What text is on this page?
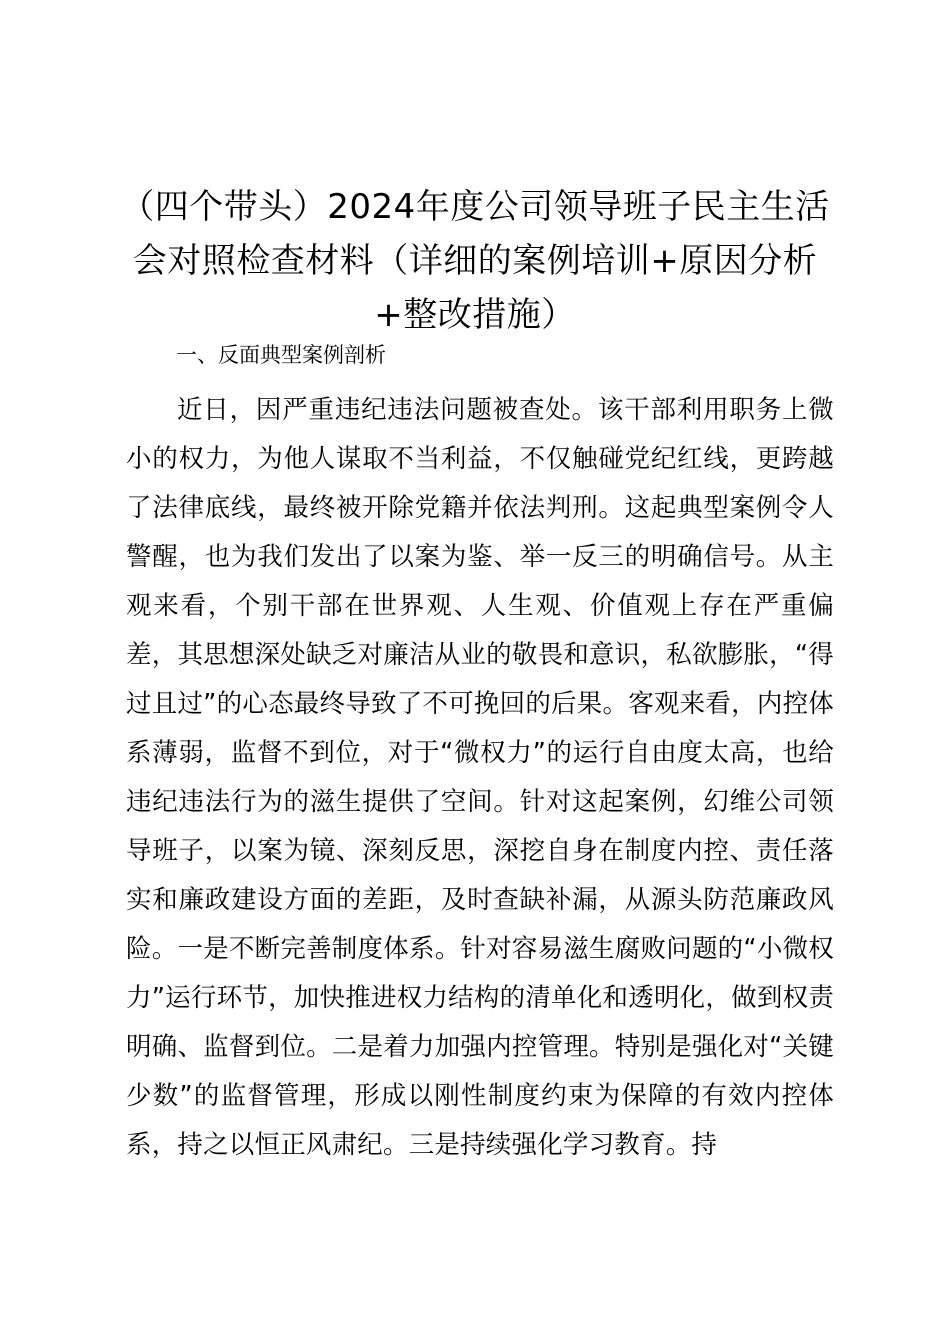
（四个带头）2024年度公司领导班子民主生活会对照检查材料（详细的案例培训+原因分析+整改措施）
一、反面典型案例剖析

近日，因严重违纪违法问题被查处。该干部利用职务上微小的权力，为他人谋取不当利益，不仅触碰党纪红线，更跨越了法律底线，最终被开除党籍并依法判刑。这起典型案例令人警醒，也为我们发出了以案为鉴、举一反三的明确信号。从主观来看，个别干部在世界观、人生观、价值观上存在严重偏差，其思想深处缺乏对廉洁从业的敬畏和意识，私欲膨胀，“得过且过”的心态最终导致了不可挽回的后果。客观来看，内控体系薄弱，监督不到位，对于“微权力”的运行自由度太高，也给违纪违法行为的滋生提供了空间。针对这起案例，幻维公司领导班子，以案为镜、深刻反思，深挖自身在制度内控、责任落实和廉政建设方面的差距，及时查缺补漏，从源头防范廉政风险。一是不断完善制度体系。针对容易滋生腐败问题的“小微权力”运行环节，加快推进权力结构的清单化和透明化，做到权责明确、监督到位。二是着力加强内控管理。特别是强化对“关键少数”的监督管理，形成以刚性制度约束为保障的有效内控体系，持之以恒正风肃纪。三是持续强化学习教育。持
